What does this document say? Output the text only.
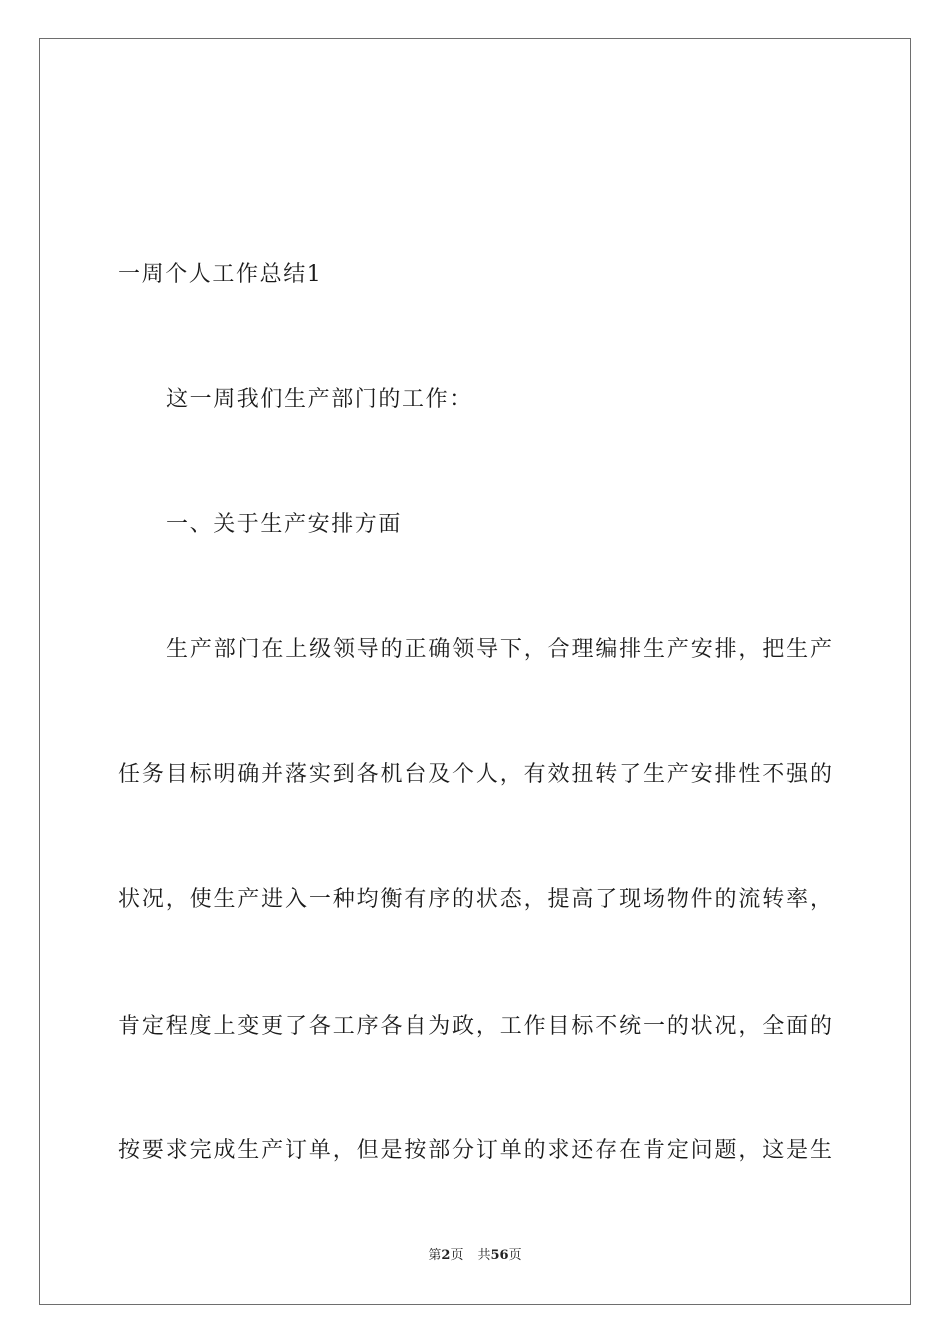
一周个人工作总结1
这一周我们生产部门的工作：
一、关于生产安排方面
生产部门在上级领导的正确领导下，合理编排生产安排，把生产
任务目标明确并落实到各机台及个人，有效扭转了生产安排性不强的
状况，使生产进入一种均衡有序的状态，提高了现场物件的流转率，
肯定程度上变更了各工序各自为政，工作目标不统一的状况，全面的
按要求完成生产订单，但是按部分订单的求还存在肯定问题，这是生
第2页 共56页
